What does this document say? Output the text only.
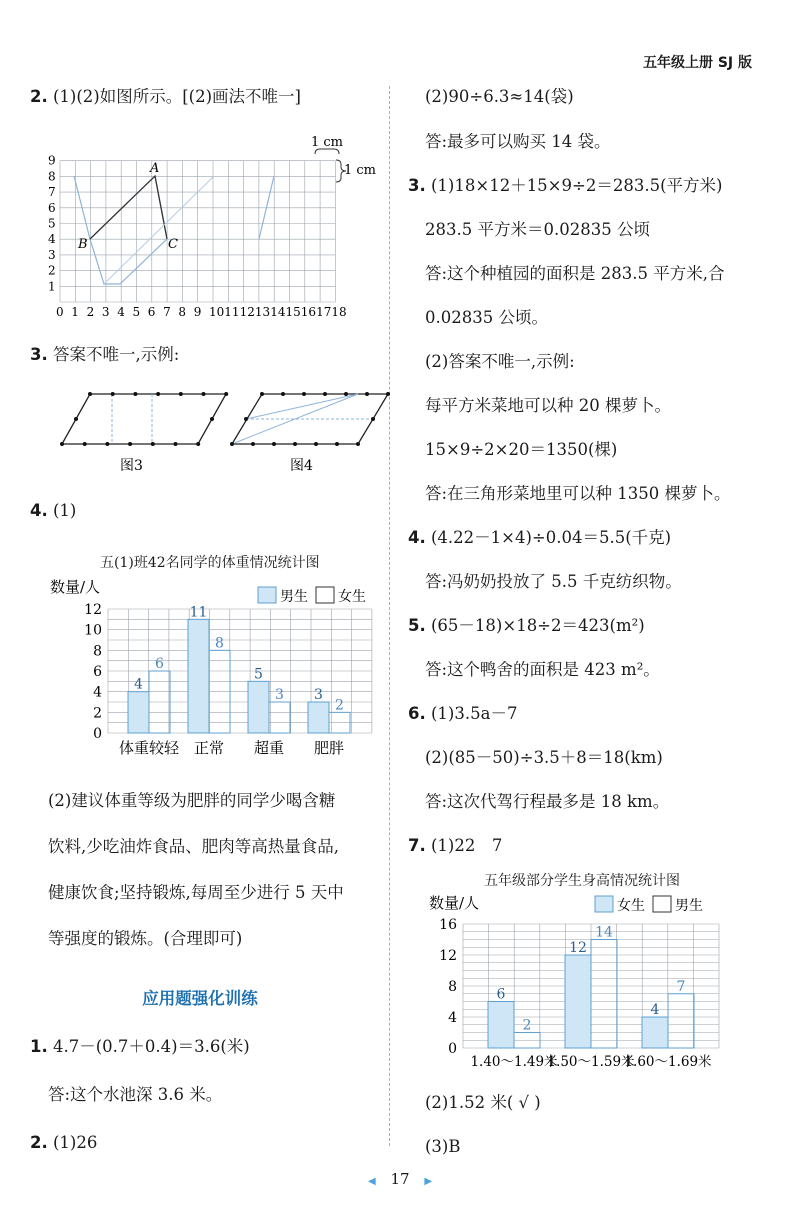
五年级上册 SJ 版
2. (1)(2)如图所示。[(2)画法不唯一]
0 1 2 3 4 5 6 7 8 9 10 11 12 13 14 15 16 17 18
1
2
3
4
5
6
7
8
9
A
B	C
1 cm
1 cm
3. 答案不唯一,示例:
图3	图4
4. (1)
五(1)班42名同学的体重情况统计图
0
2
4
6
8
10
12
数量/人
男生 女生
4
6
体重较轻
11
8
正常
5
3
超重
3
2
肥胖
(2)建议体重等级为肥胖的同学少喝含糖
饮料,少吃油炸食品、肥肉等高热量食品,
健康饮食;坚持锻炼,每周至少进行 5 天中
等强度的锻炼。(合理即可)
应用题强化训练
1. 4.7－(0.7＋0.4)＝3.6(米)
答:这个水池深 3.6 米。
2. (1)26
(2)90÷6.3≈14(袋)
答:最多可以购买 14 袋。
3. (1)18×12＋15×9÷2＝283.5(平方米)
283.5 平方米＝0.02835 公顷
答:这个种植园的面积是 283.5 平方米,合
0.02835 公顷。
(2)答案不唯一,示例:
每平方米菜地可以种 20 棵萝卜。
15×9÷2×20＝1350(棵)
答:在三角形菜地里可以种 1350 棵萝卜。
4. (4.22－1×4)÷0.04＝5.5(千克)
答:冯奶奶投放了 5.5 千克纺织物。
5. (65－18)×18÷2＝423(m²)
答:这个鸭舍的面积是 423 m²。
6. (1)3.5a－7
(2)(85－50)÷3.5＋8＝18(km)
答:这次代驾行程最多是 18 km。
7. (1)22　7
五年级部分学生身高情况统计图
0
4
8
12
16
数量/人	女生 男生
6
2
1.40～1.49米
12
14
1.50～1.59米
4
7
1.60～1.69米
(2)1.52 米( √ )
(3)B
◀ 17 ▶
